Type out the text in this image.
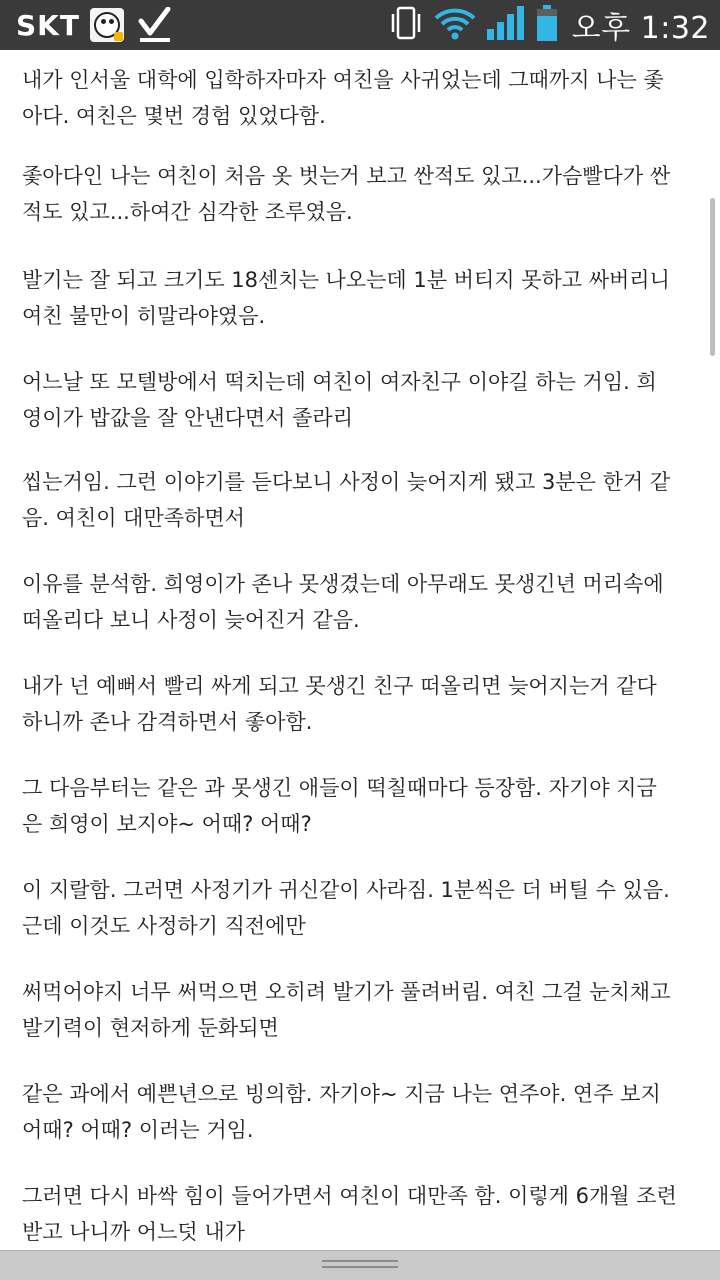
SKT	오후 1:32

내가 인서울 대학에 입학하자마자 여친을 사귀었는데 그때까지 나는 좇
아다. 여친은 몇번 경험 있었다함.

좇아다인 나는 여친이 처음 옷 벗는거 보고 싼적도 있고...가슴빨다가 싼
적도 있고...하여간 심각한 조루였음.

발기는 잘 되고 크기도 18센치는 나오는데 1분 버티지 못하고 싸버리니
여친 불만이 히말라야였음.

어느날 또 모텔방에서 떡치는데 여친이 여자친구 이야길 하는 거임. 희
영이가 밥값을 잘 안낸다면서 졸라리

씹는거임. 그런 이야기를 듣다보니 사정이 늦어지게 됐고 3분은 한거 같
음. 여친이 대만족하면서

이유를 분석함. 희영이가 존나 못생겼는데 아무래도 못생긴년 머리속에
떠올리다 보니 사정이 늦어진거 같음.

내가 넌 예뻐서 빨리 싸게 되고 못생긴 친구 떠올리면 늦어지는거 같다
하니까 존나 감격하면서 좋아함.

그 다음부터는 같은 과 못생긴 애들이 떡칠때마다 등장함. 자기야 지금
은 희영이 보지야~ 어때? 어때?

이 지랄함. 그러면 사정기가 귀신같이 사라짐. 1분씩은 더 버틸 수 있음.
근데 이것도 사정하기 직전에만

써먹어야지 너무 써먹으면 오히려 발기가 풀려버림. 여친 그걸 눈치채고
발기력이 현저하게 둔화되면

같은 과에서 예쁜년으로 빙의함. 자기야~ 지금 나는 연주야. 연주 보지
어때? 어때? 이러는 거임.

그러면 다시 바싹 힘이 들어가면서 여친이 대만족 함. 이렇게 6개월 조련
받고 나니까 어느덧 내가
